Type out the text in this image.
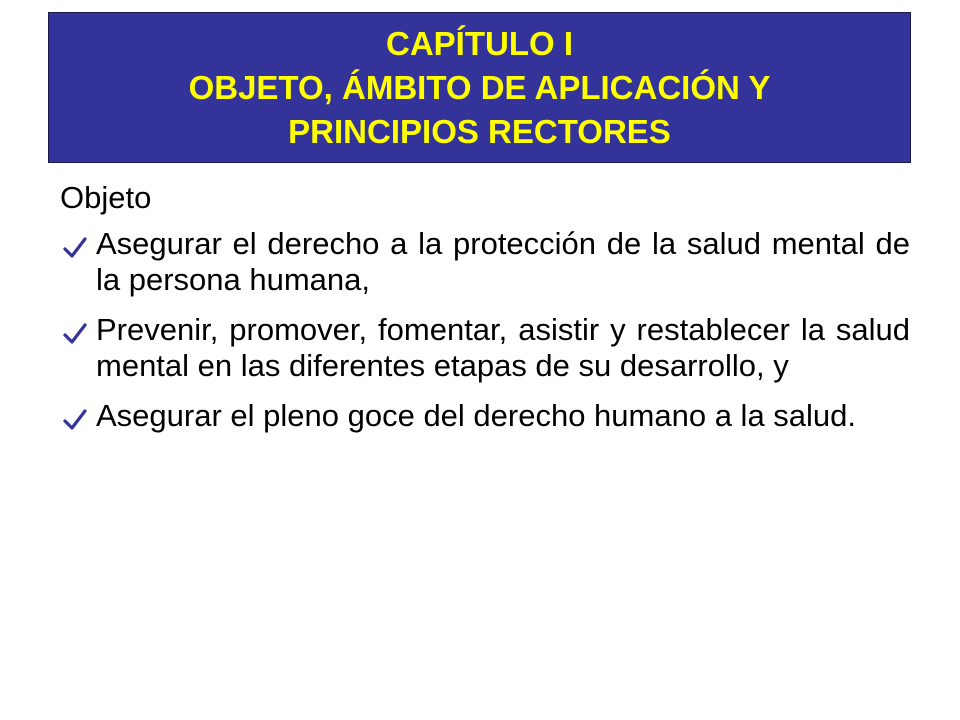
CAPÍTULO I
OBJETO, ÁMBITO DE APLICACIÓN Y
PRINCIPIOS RECTORES
Objeto
Asegurar el derecho a la protección de la salud mental de la persona humana,
Prevenir, promover, fomentar, asistir y restablecer la salud mental en las diferentes etapas de su desarrollo, y
Asegurar el pleno goce del derecho humano a la salud.
